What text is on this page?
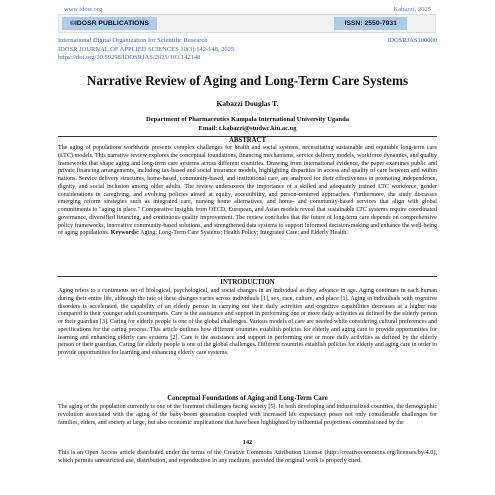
www.idosr.org	Kabazzi, 2025
©IDOSR PUBLICATIONS	ISSN: 2550-7931
International Digital Organization for Scientific Research	IDOSRJAS100000
IDOSR JOURNAL OF APPLIED SCIENCES 10(3):142-148, 2025.
https://doi.org/10.59298/IDOSRJAS/2025/103.142148
Narrative Review of Aging and Long-Term Care Systems
Kabazzi Douglas T.
Department of Pharmaceutics Kampala International University Uganda
Email: t.kabazzi@studwc.kiu.ac.ug
ABSTRACT
The aging of populations worldwide presents complex challenges for health and social systems, necessitating sustainable and equitable long-term care (LTC) models. This narrative review explores the conceptual foundations, financing mechanisms, service delivery models, workforce dynamics, and quality frameworks that shape aging and long-term care systems across different countries. Drawing from international evidence, the paper examines public and private financing arrangements, including tax-based and social insurance models, highlighting disparities in access and quality of care between and within nations. Service delivery structures, home-based, community-based, and institutional care, are analyzed for their effectiveness in promoting independence, dignity, and social inclusion among older adults. The review underscores the importance of a skilled and adequately trained LTC workforce, gender considerations in caregiving, and evolving policies aimed at equity, accessibility, and person-centered approaches. Furthermore, the study discusses emerging reform strategies such as integrated care, nursing home alternatives, and home- and community-based services that align with global commitments to "aging in place." Comparative insights from OECD, European, and Asian models reveal that sustainable LTC systems require coordinated governance, diversified financing, and continuous quality improvement. The review concludes that the future of long-term care depends on comprehensive policy frameworks, innovative community-based solutions, and strengthened data systems to support informed decision-making and enhance the well-being of aging populations. Keywords: Aging; Long-Term Care Systems; Health Policy; Integrated Care; and Elderly Health.
INTRODUCTION
Aging refers to a continuous set of biological, psychological, and social changes in an individual as they advance in age. Aging continues in each human during their entire life, although the rate of these changes varies across individuals [1], sex, race, culture, and place [1]. Aging in individuals with cognitive disorders is accelerated, the capability of an elderly person in carrying out their daily activities and cognitive capabilities decreases at a higher rate compared to their younger adult counterparts. Care is the assistance and support in performing one or more daily activities as defined by the elderly person or their guardian [3]. Caring for elderly people is one of the global challenges. Various models of care are needed while considering cultural preferences and specifications for the caring process. This article outlines how different countries establish policies for elderly and aging care to provide opportunities for learning and enhancing elderly care systems [2]. Care is the assistance and support in performing one or more daily activities as defined by the elderly person or their guardian. Caring for elderly people is one of the global challenges. Different countries establish policies for elderly and aging care in order to provide opportunities for learning and enhancing elderly care systems.
Conceptual Foundations of Aging and Long-Term Care
The aging of the population currently is one of the foremost challenges facing society [5]. In both developing and industrialized countries, the demographic revolution associated with the aging of the baby-boom generation coupled with increased life expectancy poses not only considerable challenges for families, elders, and society at large, but also economic implications that have been highlighted by influential projections commissioned by the
142
This is an Open Access article distributed under the terms of the Creative Commons Attribution License (http://creativecommons.org/licenses/by/4.0), which permits unrestricted use, distribution, and reproduction in any medium, provided the original work is properly cited.
